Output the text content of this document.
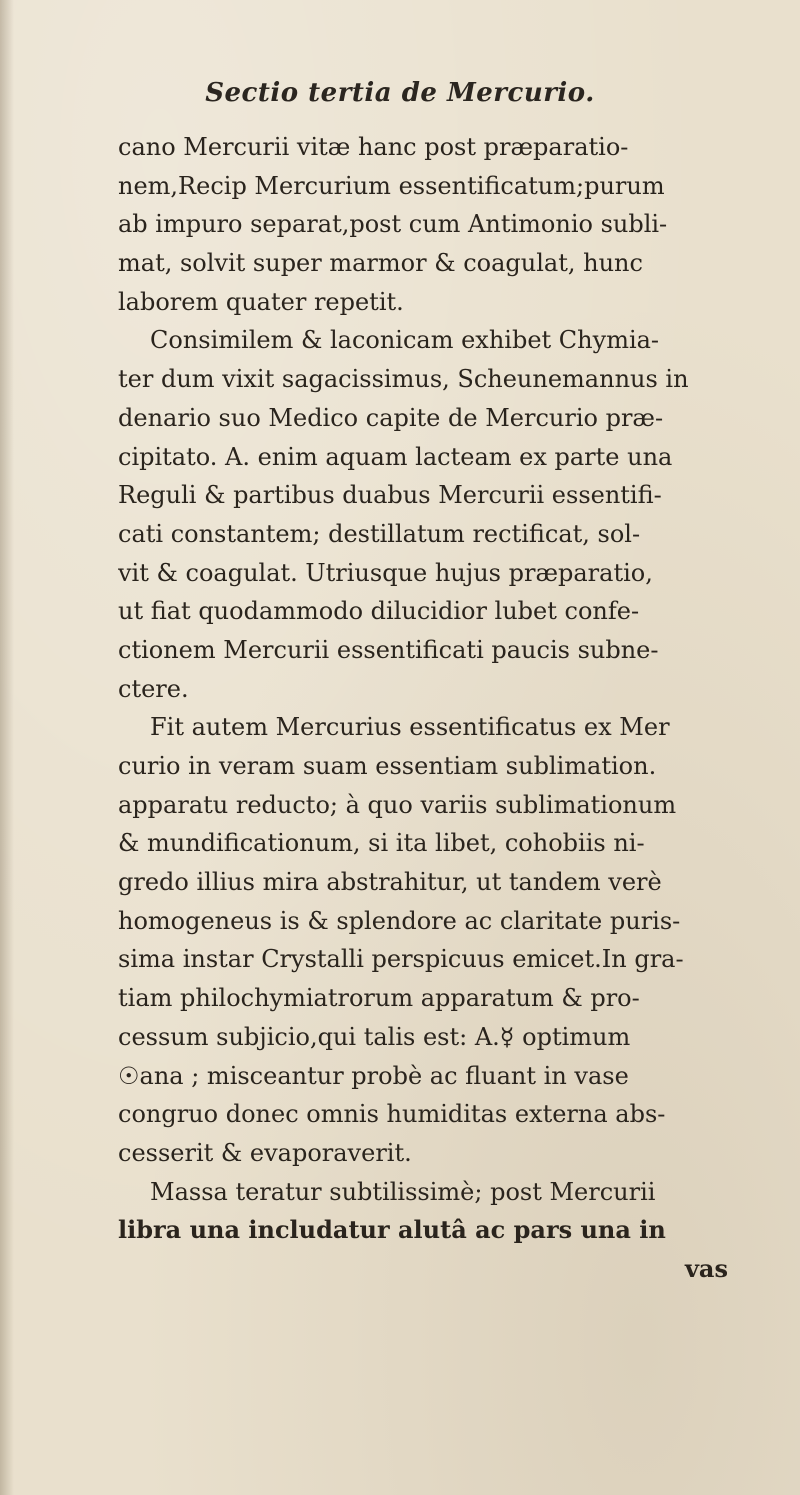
Sectio tertia de Mercurio.
cano Mercurii vitæ hanc post præparatio-
nem,Recip Mercurium essentificatum;purum
ab impuro separat,post cum Antimonio subli-
mat, solvit super marmor & coagulat, hunc
laborem quater repetit.
Consimilem & laconicam exhibet Chymia-
ter dum vixit sagacissimus, Scheunemannus in
denario suo Medico capite de Mercurio præ-
cipitato. A. enim aquam lacteam ex parte una
Reguli & partibus duabus Mercurii essentifi-
cati constantem; destillatum rectificat, sol-
vit & coagulat. Utriusque hujus præparatio,
ut fiat quodammodo dilucidior lubet confe-
ctionem Mercurii essentificati paucis subne-
ctere.
Fit autem Mercurius essentificatus ex Mer
curio in veram suam essentiam sublimation.
apparatu reducto; à quo variis sublimationum
& mundificationum, si ita libet, cohobiis ni-
gredo illius mira abstrahitur, ut tandem verè
homogeneus is & splendore ac claritate puris-
sima instar Crystalli perspicuus emicet.In gra-
tiam philochymiatrorum apparatum & pro-
cessum subjicio,qui talis est: A.☿ optimum
☉ana ; misceantur probè ac fluant in vase
congruo donec omnis humiditas externa abs-
cesserit & evaporaverit.
Massa teratur subtilissimè; post Mercurii
libra una includatur alutâ ac pars una in
vas
